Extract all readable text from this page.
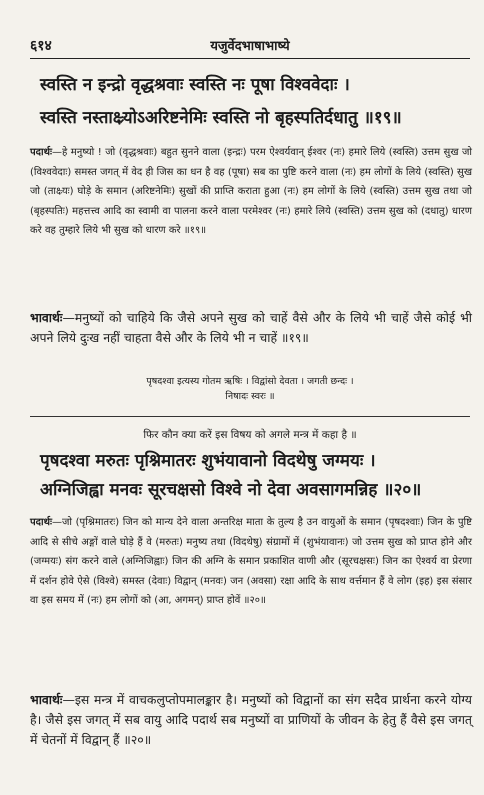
६१४	यजुर्वेदभाषाभाष्ये
स्वस्ति न इन्द्रो वृद्धश्रवाः स्वस्ति नः पूषा विश्ववेदाः ।
स्वस्ति नस्ताक्ष्र्योऽअरिष्टनेमिः स्वस्ति नो बृहस्पतिर्दधातु ॥१९॥
पदार्थः—हे मनुष्यो ! जो (वृद्धश्रवाः) बहुत सुनने वाला (इन्द्रः) परम ऐश्वर्यवान् ईश्वर (नः) हमारे लिये (स्वस्ति) उत्तम सुख जो (विश्ववेदाः) समस्त जगत् में वेद ही जिस का धन है वह (पूषा) सब का पुष्टि करने वाला (नः) हम लोगों के लिये (स्वस्ति) सुख जो (ताक्ष्र्यः) घोड़े के समान (अरिष्टनेमिः) सुखों की प्राप्ति कराता हुआ (नः) हम लोगों के लिये (स्वस्ति) उत्तम सुख तथा जो (बृहस्पतिः) महत्तत्त्व आदि का स्वामी वा पालना करने वाला परमेश्वर (नः) हमारे लिये (स्वस्ति) उत्तम सुख को (दधातु) धारण करे वह तुम्हारे लिये भी सुख को धारण करे ॥१९॥
भावार्थः—मनुष्यों को चाहिये कि जैसे अपने सुख को चाहें वैसे और के लिये भी चाहें जैसे कोई भी अपने लिये दुःख नहीं चाहता वैसे और के लिये भी न चाहें ॥१९॥
पृषदश्वा इत्यस्य गोतम ऋषिः । विद्वांसो देवता । जगती छन्दः ।
निषादः स्वरः ॥
फिर कौन क्या करें इस विषय को अगले मन्त्र में कहा है ॥
पृषदश्वा मरुतः पृश्निमातरः शुभंयावानो विदथेषु जग्मयः ।
अग्निजिह्वा मनवः सूरचक्षसो विश्वे नो देवा अवसागमन्निह ॥२०॥
पदार्थः—जो (पृश्निमातरः) जिन को मान्य देने वाला अन्तरिक्ष माता के तुल्य है उन वायुओं के समान (पृषदश्वाः) जिन के पुष्टि आदि से सीचे अङ्गों वाले घोड़े हैं वे (मरुतः) मनुष्य तथा (विदथेषु) संग्रामों में (शुभंयावानः) जो उत्तम सुख को प्राप्त होने और (जग्मयः) संग करने वाले (अग्निजिह्वाः) जिन की अग्नि के समान प्रकाशित वाणी और (सूरचक्षसः) जिन का ऐश्वर्य वा प्रेरणा में दर्शन होवे ऐसे (विश्वे) समस्त (देवाः) विद्वान् (मनवः) जन (अवसा) रक्षा आदि के साथ वर्त्तमान हैं वे लोग (इह) इस संसार वा इस समय में (नः) हम लोगों को (आ, अगमन्) प्राप्त होवें ॥२०॥
भावार्थः—इस मन्त्र में वाचकलुप्तोपमालङ्कार है। मनुष्यों को विद्वानों का संग सदैव प्रार्थना करने योग्य है। जैसे इस जगत् में सब वायु आदि पदार्थ सब मनुष्यों वा प्राणियों के जीवन के हेतु हैं वैसे इस जगत् में चेतनों में विद्वान् हैं ॥२०॥
